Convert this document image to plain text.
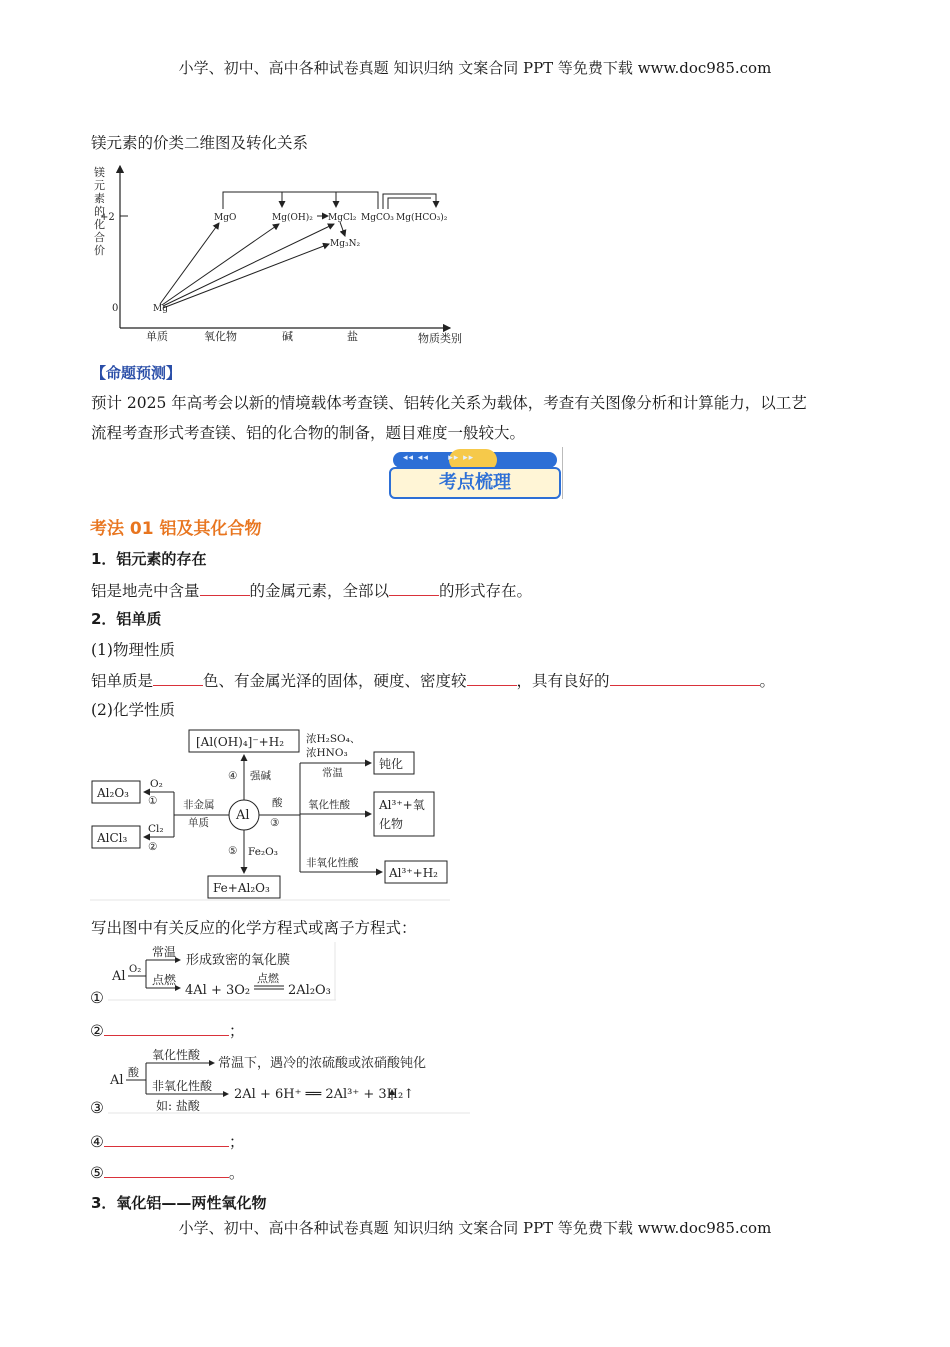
小学、初中、高中各种试卷真题 知识归纳 文案合同 PPT 等免费下载 www.doc985.com
镁元素的价类二维图及转化关系
镁
元
素
的
化
合
价
+2
0
单质	氧化物	碱	盐	物质类别
Mg
MgO	Mg(OH)₂ MgCl₂ MgCO₃ Mg(HCO₃)₂
Mg₃N₂
【命题预测】
预计 2025 年高考会以新的情境载体考查镁、铝转化关系为载体，考查有关图像分析和计算能力，以工艺
流程考查形式考查镁、铝的化合物的制备，题目难度一般较大。
◂◂ ◂◂     ▸▸ ▸▸
考点梳理
考法 01 铝及其化合物
1．铝元素的存在
铝是地壳中含量	的金属元素，全部以	的形式存在。
2．铝单质
(1)物理性质
铝单质是	色、有金属光泽的固体，硬度、密度较	，具有良好的	。
(2)化学性质
[Al(OH)₄]⁻+H₂
Al₂O₃
AlCl₃
Fe+Al₂O₃
钝化
Al³⁺+氧
化物
Al³⁺+H₂
Al
O₂
①
Cl₂
②
非金属
单质
④ 强碱
酸
③
⑤ Fe₂O₃
浓H₂SO₄、
浓HNO₃
常温
氧化性酸
非氧化性酸
写出图中有关反应的化学方程式或离子方程式：
Al O₂
常温
形成致密的氧化膜
点燃
4Al + 3O₂
点燃
2Al₂O₃
①
②	；
Al
酸
氧化性酸
常温下，遇冷的浓硫酸或浓硝酸钝化
非氧化性酸
如: 盐酸
2Al + 6H⁺ ══ 2Al³⁺ + 3H₂↑
③
④	；
⑤	。
3．氧化铝——两性氧化物
小学、初中、高中各种试卷真题 知识归纳 文案合同 PPT 等免费下载 www.doc985.com
